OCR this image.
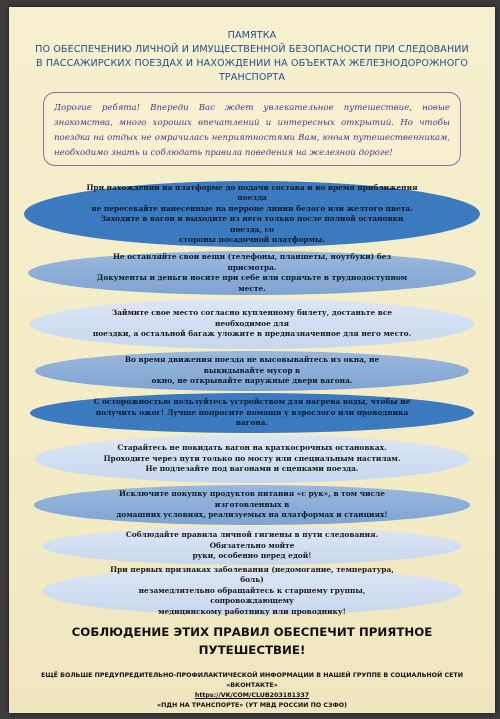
ПАМЯТКА
ПО ОБЕСПЕЧЕНИЮ ЛИЧНОЙ И ИМУЩЕСТВЕННОЙ БЕЗОПАСНОСТИ ПРИ СЛЕДОВАНИИ
В ПАССАЖИРСКИХ ПОЕЗДАХ И НАХОЖДЕНИИ НА ОБЪЕКТАХ ЖЕЛЕЗНОДОРОЖНОГО
ТРАНСПОРТА
Дорогие ребята! Впереди Вас ждет увлекательное путешествие, новые знакомства, много хороших впечатлений и интересных открытий. Но чтобы поездка на отдых не омрачилась неприятностями Вам, юным путешественникам, необходимо знать и соблюдать правила поведения на железной дороге!
При нахождении на платформе до подачи состава и во время приближения поезда
не пересекайте нанесенные на перроне линии белого или желтого цвета.
Заходите в вагон и выходите из него только после полной остановки поезда, со
стороны посадочной платформы.
Не оставляйте свои вещи (телефоны, планшеты, ноутбуки) без присмотра.
Документы и деньги носите при себе или спрячьте в труднодоступном месте.
Займите свое место согласно купленному билету, достаньте все необходимое для
поездки, а остальной багаж уложите в предназначенное для него место.
Во время движения поезда не высовывайтесь из окна, не выкидывайте мусор в
окно, не открывайте наружные двери вагона.
С осторожностью пользуйтесь устройством для нагрева воды, чтобы не
получить ожог! Лучше попросите помощи у взрослого или проводника вагона.
Старайтесь не покидать вагон на краткосрочных остановках.
Проходите через пути только по мосту или специальным настилам.
Не подлезайте под вагонами и сцепками поезда.
Исключите покупку продуктов питания «с рук», в том числе изготовленных в
домашних условиях, реализуемых на платформах и станциях!
Соблюдайте правила личной гигиены в пути следования. Обязательно мойте
руки, особенно перед едой!
При первых признаках заболевания (недомогание, температура, боль)
незамедлительно обращайтесь к старшему группы, сопровождающему
медицинскому работнику или проводнику!
СОБЛЮДЕНИЕ ЭТИХ ПРАВИЛ ОБЕСПЕЧИТ ПРИЯТНОЕ
ПУТЕШЕСТВИЕ!
ЕЩЁ БОЛЬШЕ ПРЕДУПРЕДИТЕЛЬНО-ПРОФИЛАКТИЧЕСКОЙ ИНФОРМАЦИИ В НАШЕЙ ГРУППЕ В СОЦИАЛЬНОЙ СЕТИ
«ВКОНТАКТЕ»
https://VK/COM/CLUB203181337
«ПДН НА ТРАНСПОРТЕ» (УТ МВД РОССИИ ПО СЗФО)
